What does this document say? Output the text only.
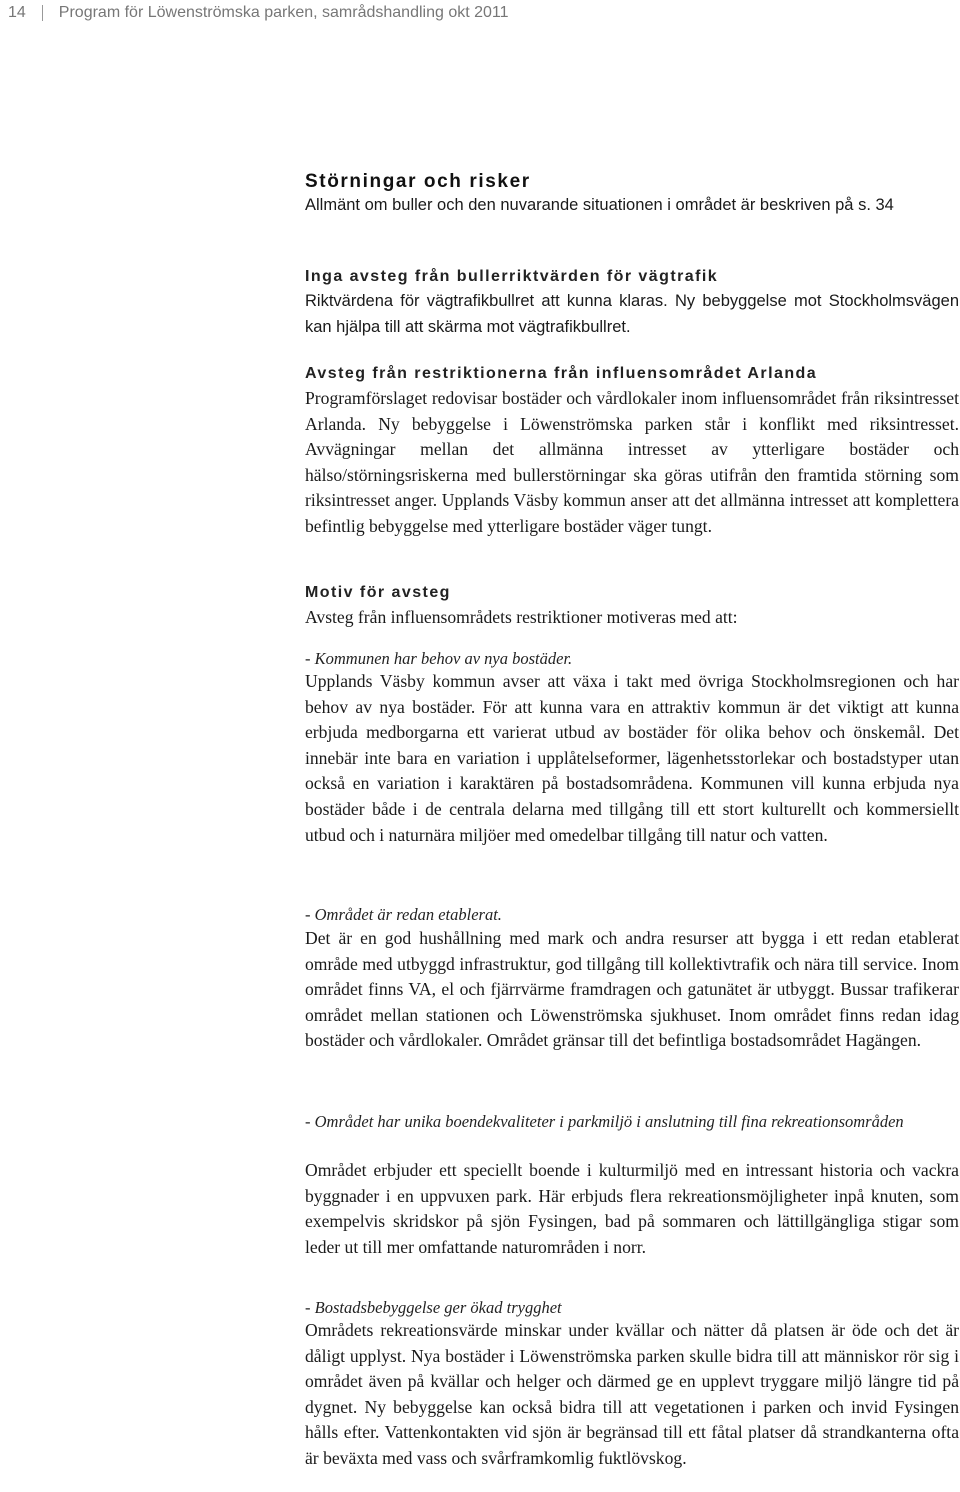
14 Program för Löwenströmska parken, samrådshandling okt 2011
Störningar och risker

Allmänt om buller och den nuvarande situationen i området är beskriven på s. 34

Inga avsteg från bullerriktvärden för vägtrafik

Riktvärdena för vägtrafikbullret att kunna klaras. Ny bebyggelse mot Stockholmsvägen kan hjälpa till att skärma mot vägtrafikbullret.

Avsteg från restriktionerna från influensområdet Arlanda

Programförslaget redovisar bostäder och vårdlokaler inom influensområdet från riksintresset Arlanda. Ny bebyggelse i Löwenströmska parken står i konflikt med riksintresset. Avvägningar mellan det allmänna intresset av ytterligare bostäder och hälso/störningsriskerna med bullerstörningar ska göras utifrån den framtida störning som riksintresset anger. Upplands Väsby kommun anser att det allmänna intresset att komplettera befintlig bebyggelse med ytterligare bostäder väger tungt.

Motiv för avsteg

Avsteg från influensområdets restriktioner motiveras med att:

- Kommunen har behov av nya bostäder.

Upplands Väsby kommun avser att växa i takt med övriga Stockholmsregionen och har behov av nya bostäder. För att kunna vara en attraktiv kommun är det viktigt att kunna erbjuda medborgarna ett varierat utbud av bostäder för olika behov och önskemål. Det innebär inte bara en variation i upplåtelseformer, lägenhetsstorlekar och bostadstyper utan också en variation i karaktären på bostadsområdena. Kommunen vill kunna erbjuda nya bostäder både i de centrala delarna med tillgång till ett stort kulturellt och kommersiellt utbud och i naturnära miljöer med omedelbar tillgång till natur och vatten.

- Området är redan etablerat.

Det är en god hushållning med mark och andra resurser att bygga i ett redan etablerat område med utbyggd infrastruktur, god tillgång till kollektivtrafik och nära till service. Inom området finns VA, el och fjärrvärme framdragen och gatunätet är utbyggt. Bussar trafikerar området mellan stationen och Löwenströmska sjukhuset. Inom området finns redan idag bostäder och vårdlokaler. Området gränsar till det befintliga bostadsområdet Hagängen.

- Området har unika boendekvaliteter i parkmiljö i anslutning till fina rekreationsområden

Området erbjuder ett speciellt boende i kulturmiljö med en intressant historia och vackra byggnader i en uppvuxen park. Här erbjuds flera rekreationsmöjligheter inpå knuten, som exempelvis skridskor på sjön Fysingen, bad på sommaren och lättillgängliga stigar som leder ut till mer omfattande naturområden i norr.

- Bostadsbebyggelse ger ökad trygghet

Områdets rekreationsvärde minskar under kvällar och nätter då platsen är öde och det är dåligt upplyst. Nya bostäder i Löwenströmska parken skulle bidra till att människor rör sig i området även på kvällar och helger och därmed ge en upplevt tryggare miljö längre tid på dygnet. Ny bebyggelse kan också bidra till att vegetationen i parken och invid Fysingen hålls efter. Vattenkontakten vid sjön är begränsad till ett fåtal platser då strandkanterna ofta är beväxta med vass och svårframkomlig fuktlövskog.
